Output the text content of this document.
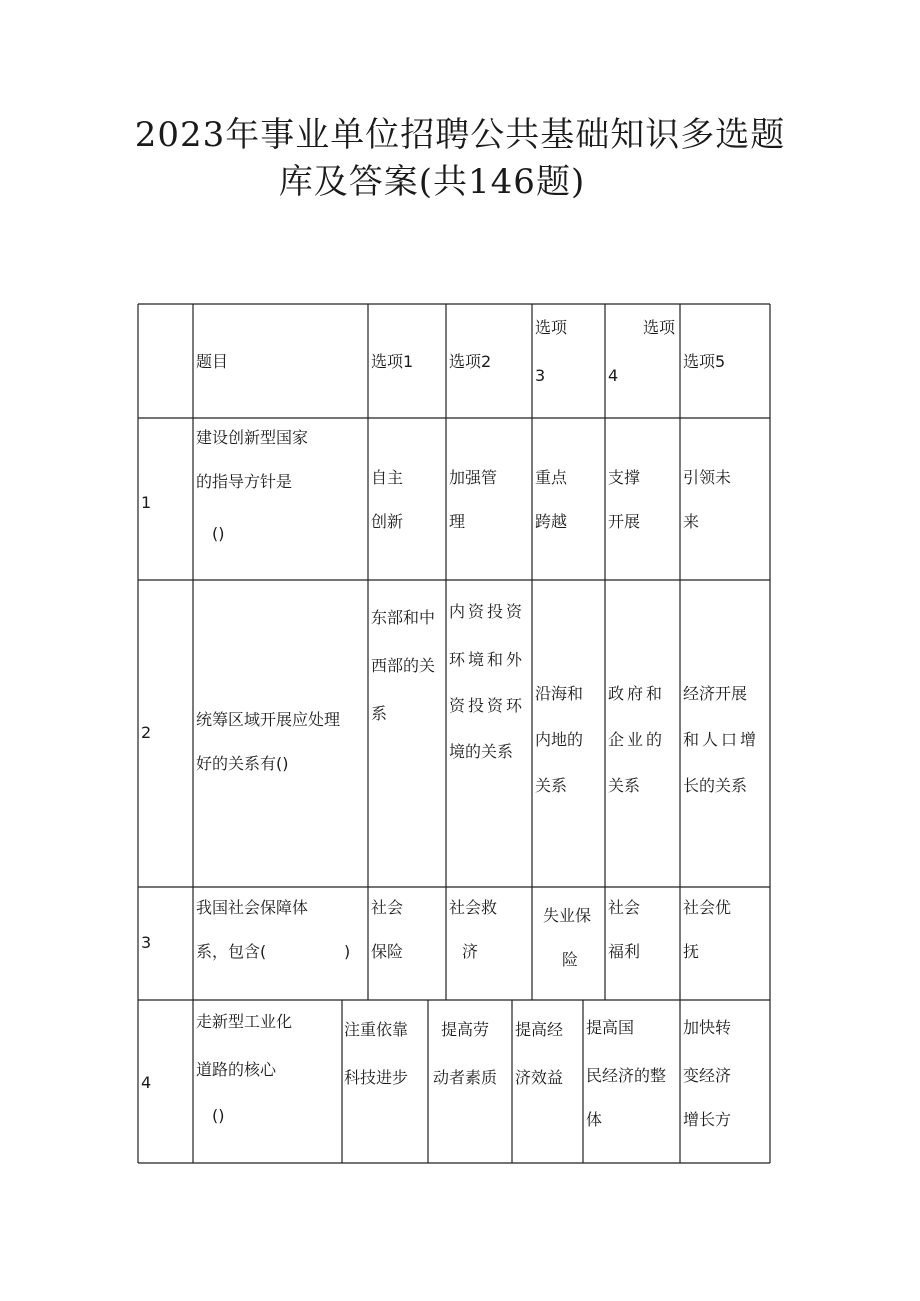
2023年事业单位招聘公共基础知识多选题
库及答案(共146题)
题目	选项1 选项2
选项
3
选项
4
选项5
1
建设创新型国家
的指导方针是
()
自主
创新
加强管
理
重点
跨越
支撑
开展
引领未
来
2
统筹区域开展应处理
好的关系有()
东部和中
西部的关
系
内资投资
环境和外
资投资环
境的关系
沿海和
内地的
关系
政府和
企业的
关系
经济开展
和人口增
长的关系
3
我国社会保障体
系，包含(	)
社会
保险
社会救
济
失业保
险
社会
福利
社会优
抚
4
走新型工业化
道路的核心
()
注重依靠
科技进步
提高劳
动者素质
提高经
济效益
提高国
民经济的整
体
加快转
变经济
增长方
